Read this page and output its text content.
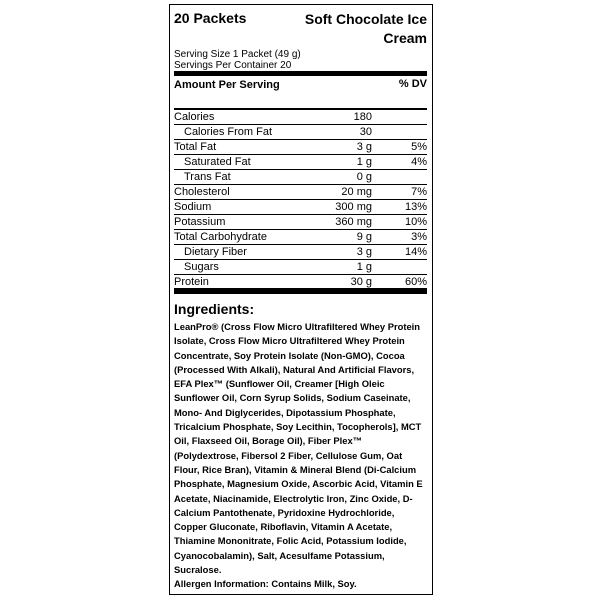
20 Packets	Soft Chocolate Ice Cream
Serving Size 1 Packet (49 g)
Servings Per Container 20
Amount Per Serving	% DV
Calories	180
Calories From Fat	30
Total Fat	3 g	5%
Saturated Fat	1 g	4%
Trans Fat	0 g
Cholesterol	20 mg	7%
Sodium	300 mg	13%
Potassium	360 mg	10%
Total Carbohydrate	9 g	3%
Dietary Fiber	3 g	14%
Sugars	1 g
Protein	30 g	60%
Ingredients:
LeanPro® (Cross Flow Micro Ultrafiltered Whey Protein Isolate, Cross Flow Micro Ultrafiltered Whey Protein Concentrate, Soy Protein Isolate (Non-GMO), Cocoa (Processed With Alkali), Natural And Artificial Flavors, EFA Plex™ (Sunflower Oil, Creamer [High Oleic Sunflower Oil, Corn Syrup Solids, Sodium Caseinate, Mono- And Diglycerides, Dipotassium Phosphate, Tricalcium Phosphate, Soy Lecithin, Tocopherols], MCT Oil, Flaxseed Oil, Borage Oil), Fiber Plex™ (Polydextrose, Fibersol 2 Fiber, Cellulose Gum, Oat Flour, Rice Bran), Vitamin & Mineral Blend (Di-Calcium Phosphate, Magnesium Oxide, Ascorbic Acid, Vitamin E Acetate, Niacinamide, Electrolytic Iron, Zinc Oxide, D-Calcium Pantothenate, Pyridoxine Hydrochloride, Copper Gluconate, Riboflavin, Vitamin A Acetate, Thiamine Mononitrate, Folic Acid, Potassium Iodide, Cyanocobalamin), Salt, Acesulfame Potassium, Sucralose.
Allergen Information: Contains Milk, Soy.
